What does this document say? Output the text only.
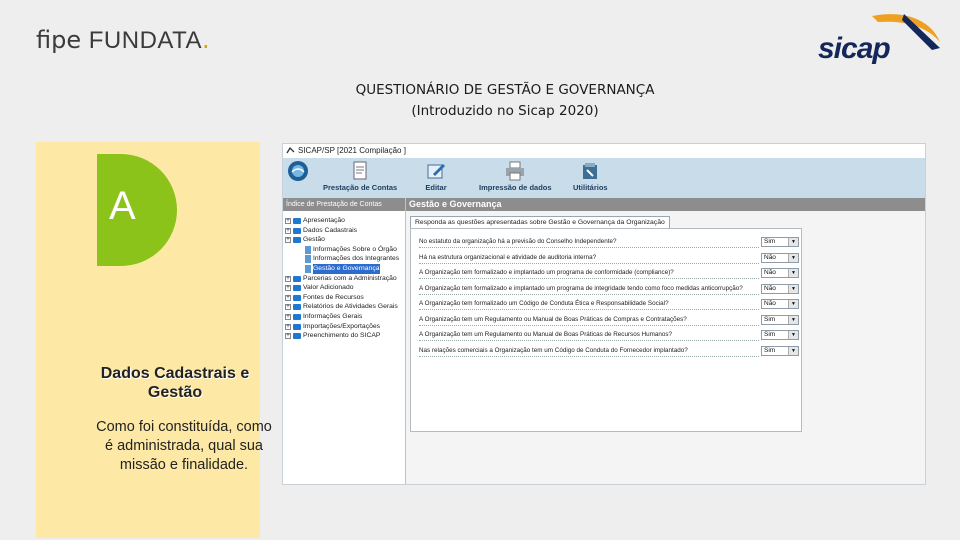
fipe FUNDATA.	sicap
QUESTIONÁRIO DE GESTÃO E GOVERNANÇA
(Introduzido no Sicap 2020)
A
Dados Cadastrais e Gestão
Como foi constituída, como é administrada, qual sua missão e finalidade.
SICAP/SP [2021 Compilação ]
Prestação de Contas	Editar	Impressão de dados	Utilitários
Índice de Prestação de Contas
+ Apresentação
+ Dados Cadastrais
+ Gestão
Informações Sobre o Órgão
Informações dos Integrantes
Gestão e Governança
+ Parcerias com a Administração
+ Valor Adicionado
+ Fontes de Recursos
+ Relatórios de Atividades Gerais
+ Informações Gerais
+ Importações/Exportações
+ Preenchimento do SICAP
Gestão e Governança
Responda as questões apresentadas sobre Gestão e Governança da Organização
No estatuto da organização há a previsão do Conselho Independente?	Sim	▼
Há na estrutura organizacional e atividade de auditoria interna?	Não	▼
A Organização tem formalizado e implantado um programa de conformidade (compliance)?	Não	▼
A Organização tem formalizado e implantado um programa de integridade tendo como foco medidas anticorrupção?	Não	▼
A Organização tem formalizado um Código de Conduta Ética e Responsabilidade Social?	Não	▼
A Organização tem um Regulamento ou Manual de Boas Práticas de Compras e Contratações?	Sim	▼
A Organização tem um Regulamento ou Manual de Boas Práticas de Recursos Humanos?	Sim	▼
Nas relações comerciais a Organização tem um Código de Conduta do Fornecedor implantado?	Sim	▼
